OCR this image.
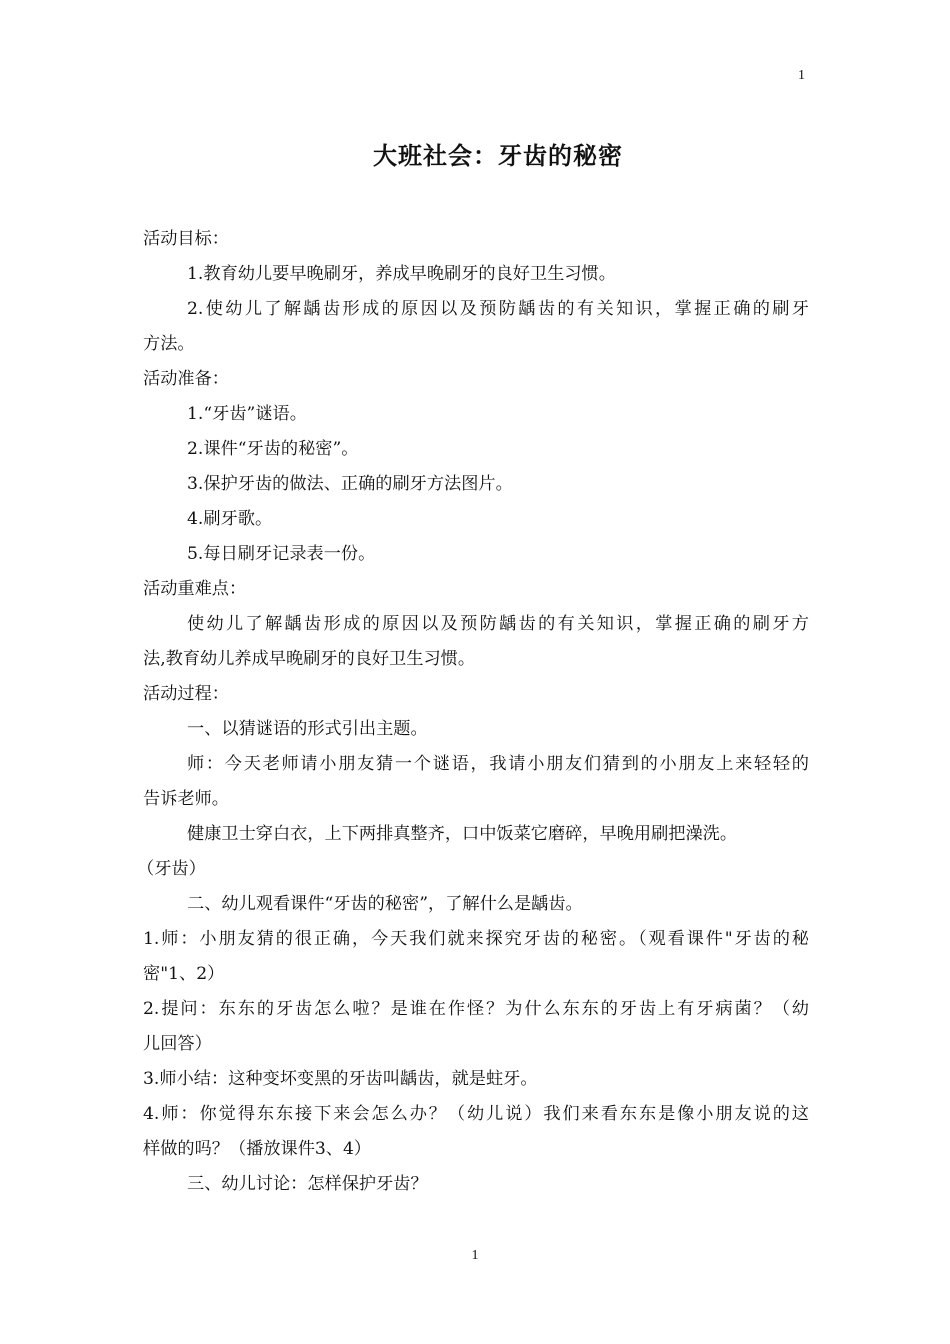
1
大班社会：牙齿的秘密
活动目标：
1.教育幼儿要早晚刷牙，养成早晚刷牙的良好卫生习惯。
2.使幼儿了解龋齿形成的原因以及预防龋齿的有关知识，掌握正确的刷牙
方法。
活动准备：
1.“牙齿”谜语。
2.课件“牙齿的秘密”。
3.保护牙齿的做法、正确的刷牙方法图片。
4.刷牙歌。
5.每日刷牙记录表一份。
活动重难点：
使幼儿了解龋齿形成的原因以及预防龋齿的有关知识，掌握正确的刷牙方
法,教育幼儿养成早晚刷牙的良好卫生习惯。
活动过程：
一、以猜谜语的形式引出主题。
师：今天老师请小朋友猜一个谜语，我请小朋友们猜到的小朋友上来轻轻的
告诉老师。
健康卫士穿白衣，上下两排真整齐，口中饭菜它磨碎，早晚用刷把澡洗。
（牙齿）
二、幼儿观看课件“牙齿的秘密”，了解什么是龋齿。
1.师：小朋友猜的很正确，今天我们就来探究牙齿的秘密。（观看课件"牙齿的秘
密"1、2）
2.提问：东东的牙齿怎么啦？是谁在作怪？为什么东东的牙齿上有牙病菌？（幼
儿回答）
3.师小结：这种变坏变黑的牙齿叫龋齿，就是蛀牙。
4.师：你觉得东东接下来会怎么办？（幼儿说）我们来看东东是像小朋友说的这
样做的吗？（播放课件3、4）
三、幼儿讨论：怎样保护牙齿？
1
